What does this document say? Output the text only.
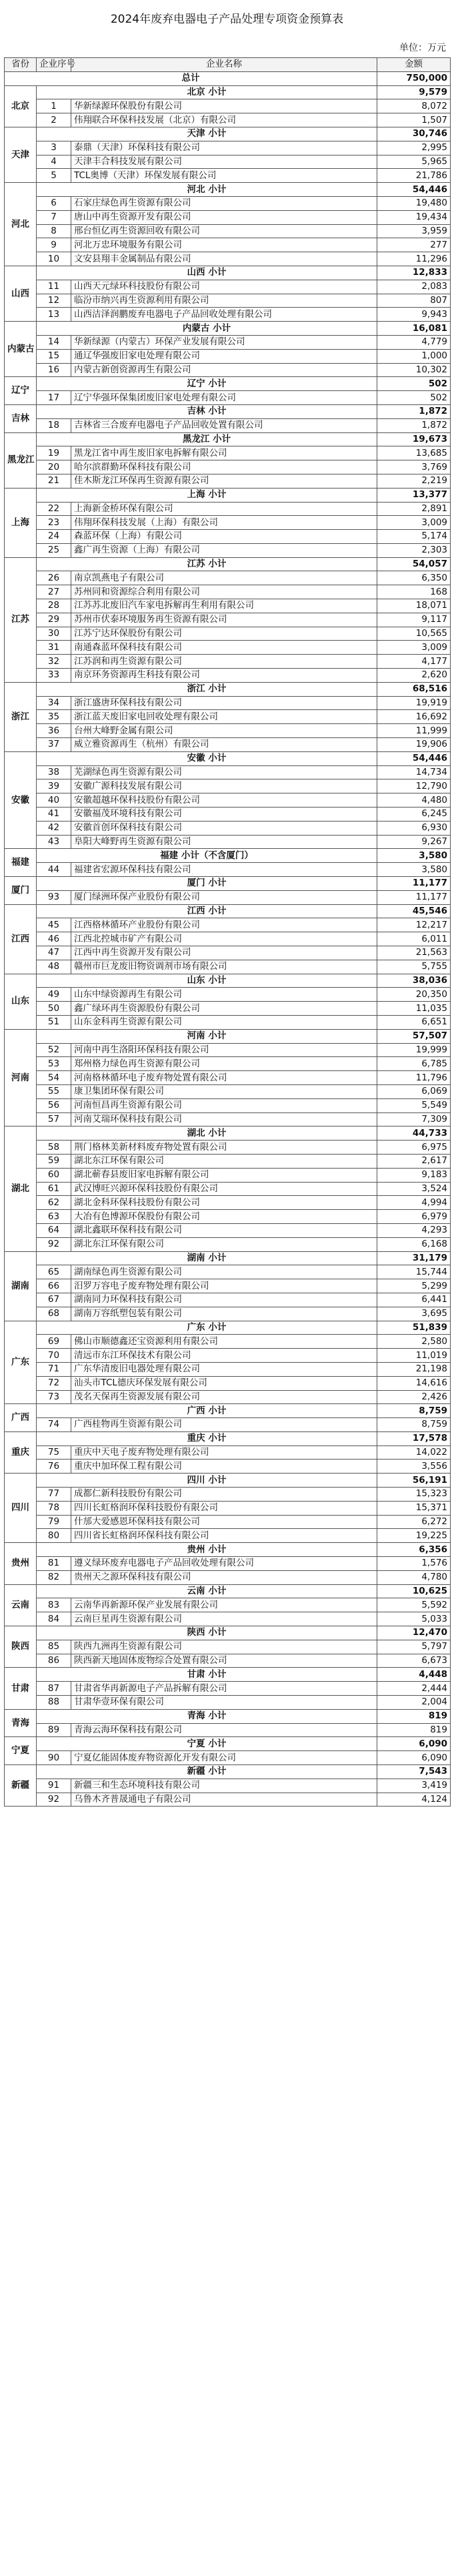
2024年废弃电器电子产品处理专项资金预算表
单位：万元
省份	企业序号	企业名称	金额
总计			750,000
北京	北京 小计		9,579
	1	华新绿源环保股份有限公司	8,072
	2	伟翔联合环保科技发展（北京）有限公司	1,507
天津	天津 小计		30,746
	3	泰鼎（天津）环保科技有限公司	2,995
	4	天津丰合科技发展有限公司	5,965
	5	TCL奥博（天津）环保发展有限公司	21,786
河北	河北 小计		54,446
	6	石家庄绿色再生资源有限公司	19,480
	7	唐山中再生资源开发有限公司	19,434
	8	邢台恒亿再生资源回收有限公司	3,959
	9	河北万忠环境服务有限公司	277
	10	文安县翔丰金属制品有限公司	11,296
山西	山西 小计		12,833
	11	山西天元绿环科技股份有限公司	2,083
	12	临汾市纳兴再生资源利用有限公司	807
	13	山西洁泽润鹏废弃电器电子产品回收处理有限公司	9,943
内蒙古	内蒙古 小计		16,081
	14	华新绿源（内蒙古）环保产业发展有限公司	4,779
	15	通辽华强废旧家电处理有限公司	1,000
	16	内蒙古新创资源再生有限公司	10,302
辽宁	辽宁 小计		502
	17	辽宁华强环保集团废旧家电处理有限公司	502
吉林	吉林 小计		1,872
	18	吉林省三合废弃电器电子产品回收处置有限公司	1,872
黑龙江	黑龙江 小计		19,673
	19	黑龙江省中再生废旧家电拆解有限公司	13,685
	20	哈尔滨群勤环保科技有限公司	3,769
	21	佳木斯龙江环保再生资源有限公司	2,219
上海	上海 小计		13,377
	22	上海新金桥环保有限公司	2,891
	23	伟翔环保科技发展（上海）有限公司	3,009
	24	森蓝环保（上海）有限公司	5,174
	25	鑫广再生资源（上海）有限公司	2,303
江苏	江苏 小计		54,057
	26	南京凯燕电子有限公司	6,350
	27	苏州同和资源综合利用有限公司	168
	28	江苏苏北废旧汽车家电拆解再生利用有限公司	18,071
	29	苏州市伏泰环境服务再生资源有限公司	9,117
	30	江苏宁达环保股份有限公司	10,565
	31	南通森蓝环保科技有限公司	3,009
	32	江苏润和再生资源有限公司	4,177
	33	南京环务资源再生科技有限公司	2,620
浙江	浙江 小计		68,516
	34	浙江盛唐环保科技有限公司	19,919
	35	浙江蓝天废旧家电回收处理有限公司	16,692
	36	台州大峰野金属有限公司	11,999
	37	威立雅资源再生（杭州）有限公司	19,906
安徽	安徽 小计		54,446
	38	芜湖绿色再生资源有限公司	14,734
	39	安徽广源科技发展有限公司	12,790
	40	安徽超越环保科技股份有限公司	4,480
	41	安徽福茂环境科技有限公司	6,245
	42	安徽首创环保科技有限公司	6,930
	43	阜阳大峰野再生资源有限公司	9,267
福建	福建 小计（不含厦门）		3,580
	44	福建省宏源环保科技有限公司	3,580
厦门	厦门 小计		11,177
	93	厦门绿洲环保产业股份有限公司	11,177
江西	江西 小计		45,546
	45	江西格林循环产业股份有限公司	12,217
	46	江西北控城市矿产有限公司	6,011
	47	江西中再生资源开发有限公司	21,563
	48	赣州市巨龙废旧物资调剂市场有限公司	5,755
山东	山东 小计		38,036
	49	山东中绿资源再生有限公司	20,350
	50	鑫广绿环再生资源股份有限公司	11,035
	51	山东金科再生资源有限公司	6,651
河南	河南 小计		57,507
	52	河南中再生洛阳环保科技有限公司	19,999
	53	郑州格力绿色再生资源有限公司	6,785
	54	河南格林循环电子废弃物处置有限公司	11,796
	55	康卫集团环保有限公司	6,069
	56	河南恒昌再生资源有限公司	5,549
	57	河南艾瑞环保科技有限公司	7,309
湖北	湖北 小计		44,733
	58	荆门格林美新材料废弃物处置有限公司	6,975
	59	湖北东江环保有限公司	2,617
	60	湖北蕲春县废旧家电拆解有限公司	9,183
	61	武汉博旺兴源环保科技股份有限公司	3,524
	62	湖北金科环保科技股份有限公司	4,994
	63	大冶有色博源环保股份有限公司	6,979
	64	湖北鑫联环保科技有限公司	4,293
	92	湖北东江环保有限公司	6,168
湖南	湖南 小计		31,179
	65	湖南绿色再生资源有限公司	15,744
	66	汨罗万容电子废弃物处理有限公司	5,299
	67	湖南同力环保科技有限公司	6,441
	68	湖南万容纸塑包装有限公司	3,695
广东	广东 小计		51,839
	69	佛山市顺德鑫还宝资源利用有限公司	2,580
	70	清远市东江环保技术有限公司	11,019
	71	广东华清废旧电器处理有限公司	21,198
	72	汕头市TCL德庆环保发展有限公司	14,616
	73	茂名天保再生资源发展有限公司	2,426
广西	广西 小计		8,759
	74	广西桂物再生资源有限公司	8,759
重庆	重庆 小计		17,578
	75	重庆中天电子废弃物处理有限公司	14,022
	76	重庆中加环保工程有限公司	3,556
四川	四川 小计		56,191
	77	成都仁新科技股份有限公司	15,323
	78	四川长虹格润环保科技股份有限公司	15,371
	79	什邡大爱感恩环保科技有限公司	6,272
	80	四川省长虹格润环保科技有限公司	19,225
贵州	贵州 小计		6,356
	81	遵义绿环废弃电器电子产品回收处理有限公司	1,576
	82	贵州天之源环保科技有限公司	4,780
云南	云南 小计		10,625
	83	云南华再新源环保产业发展有限公司	5,592
	84	云南巨星再生资源有限公司	5,033
陕西	陕西 小计		12,470
	85	陕西九洲再生资源有限公司	5,797
	86	陕西新天地固体废物综合处置有限公司	6,673
甘肃	甘肃 小计		4,448
	87	甘肃省华再新源电子产品拆解有限公司	2,444
	88	甘肃华壹环保有限公司	2,004
青海	青海 小计		819
	89	青海云海环保科技有限公司	819
宁夏	宁夏 小计		6,090
	90	宁夏亿能固体废弃物资源化开发有限公司	6,090
新疆	新疆 小计		7,543
	91	新疆三和生态环境科技有限公司	3,419
	92	乌鲁木齐普晟通电子有限公司	4,124
